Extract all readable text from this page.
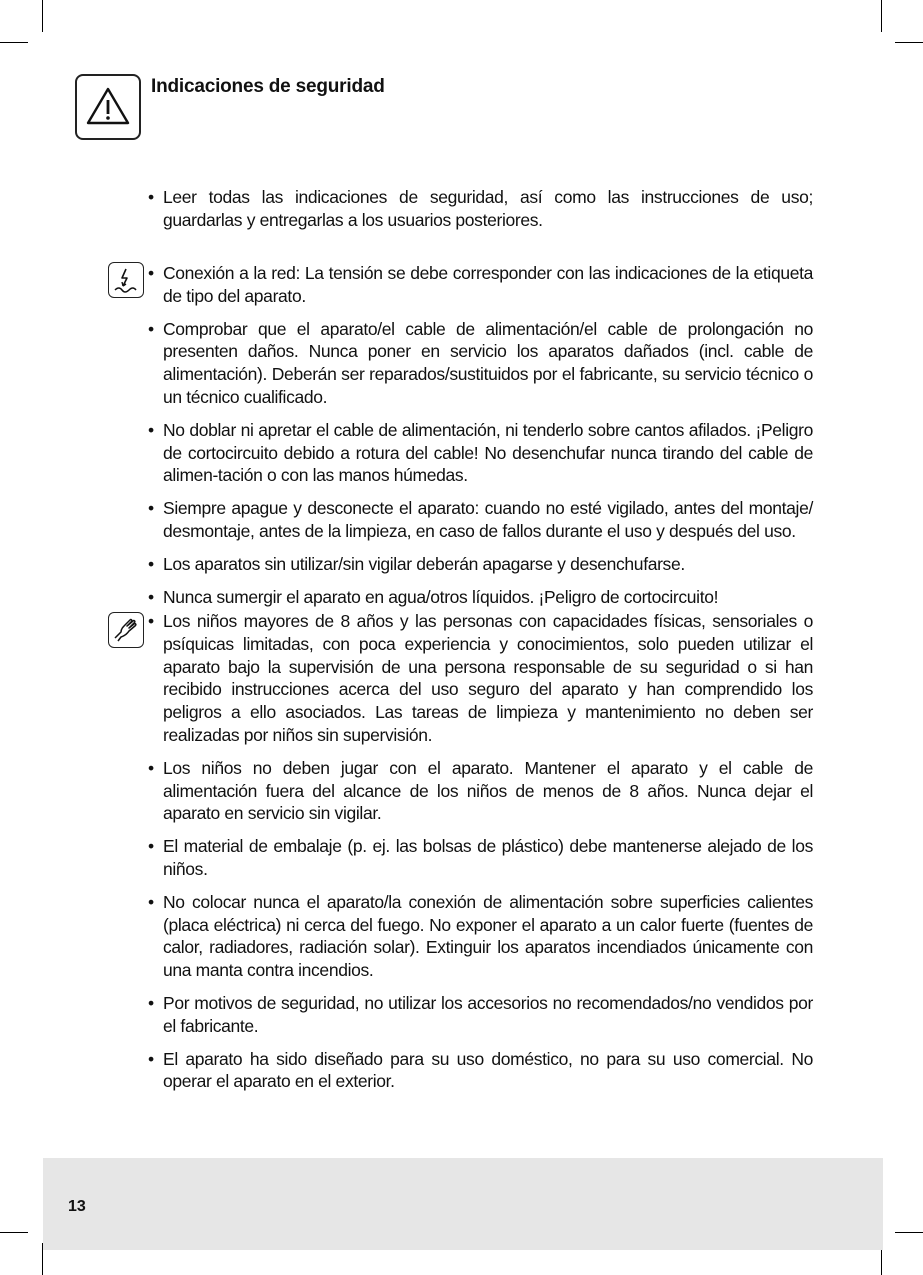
Indicaciones de seguridad
• Leer todas las indicaciones de seguridad, así como las instrucciones de uso; guardarlas y entregarlas a los usuarios posteriores.
• Conexión a la red: La tensión se debe corresponder con las indicaciones de la etiqueta de tipo del aparato.
• Comprobar que el aparato/el cable de alimentación/el cable de prolongación no presenten daños. Nunca poner en servicio los aparatos dañados (incl. cable de alimentación). Deberán ser reparados/sustituidos por el fabricante, su servicio técnico o un técnico cualificado.
• No doblar ni apretar el cable de alimentación, ni tenderlo sobre cantos afilados. ¡Peligro de cortocircuito debido a rotura del cable! No desenchufar nunca tirando del cable de alimen-tación o con las manos húmedas.
• Siempre apague y desconecte el aparato: cuando no esté vigilado, antes del montaje/ desmontaje, antes de la limpieza, en caso de fallos durante el uso y después del uso.
• Los aparatos sin utilizar/sin vigilar deberán apagarse y desenchufarse.
• Nunca sumergir el aparato en agua/otros líquidos. ¡Peligro de cortocircuito!
• Los niños mayores de 8 años y las personas con capacidades físicas, sensoriales o psíquicas limitadas, con poca experiencia y conocimientos, solo pueden utilizar el aparato bajo la supervisión de una persona responsable de su seguridad o si han recibido instrucciones acerca del uso seguro del aparato y han comprendido los peligros a ello asociados. Las tareas de limpieza y mantenimiento no deben ser realizadas por niños sin supervisión.
• Los niños no deben jugar con el aparato. Mantener el aparato y el cable de alimentación fuera del alcance de los niños de menos de 8 años. Nunca dejar el aparato en servicio sin vigilar.
• El material de embalaje (p. ej. las bolsas de plástico) debe mantenerse alejado de los niños.
• No colocar nunca el aparato/la conexión de alimentación sobre superficies calientes (placa eléctrica) ni cerca del fuego. No exponer el aparato a un calor fuerte (fuentes de calor, radiadores, radiación solar). Extinguir los aparatos incendiados únicamente con una manta contra incendios.
• Por motivos de seguridad, no utilizar los accesorios no recomendados/no vendidos por el fabricante.
• El aparato ha sido diseñado para su uso doméstico, no para su uso comercial. No operar el aparato en el exterior.
13
